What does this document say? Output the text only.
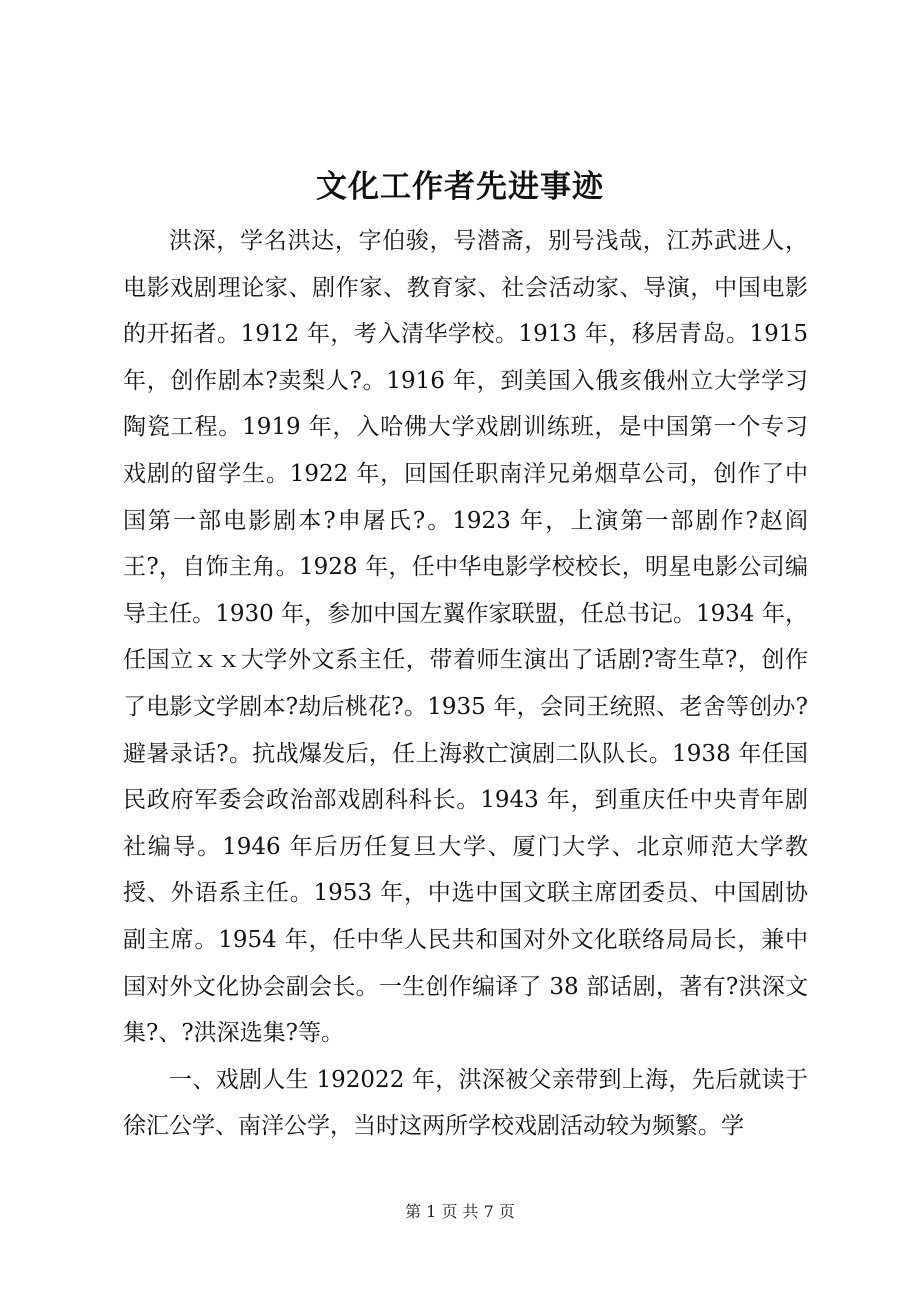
文化工作者先进事迹

洪深，学名洪达，字伯骏，号潜斋，别号浅哉，江苏武进人，电影戏剧理论家、剧作家、教育家、社会活动家、导演，中国电影的开拓者。1912 年，考入清华学校。1913 年，移居青岛。1915 年，创作剧本?卖梨人?。1916 年，到美国入俄亥俄州立大学学习陶瓷工程。1919 年，入哈佛大学戏剧训练班，是中国第一个专习戏剧的留学生。1922 年，回国任职南洋兄弟烟草公司，创作了中国第一部电影剧本?申屠氏?。1923 年，上演第一部剧作?赵阎王?，自饰主角。1928 年，任中华电影学校校长，明星电影公司编导主任。1930 年，参加中国左翼作家联盟，任总书记。1934 年，任国立ｘｘ大学外文系主任，带着师生演出了话剧?寄生草?，创作了电影文学剧本?劫后桃花?。1935 年，会同王统照、老舍等创办?避暑录话?。抗战爆发后，任上海救亡演剧二队队长。1938 年任国民政府军委会政治部戏剧科科长。1943 年，到重庆任中央青年剧社编导。1946 年后历任复旦大学、厦门大学、北京师范大学教授、外语系主任。1953 年，中选中国文联主席团委员、中国剧协副主席。1954 年，任中华人民共和国对外文化联络局局长，兼中国对外文化协会副会长。一生创作编译了 38 部话剧，著有?洪深文集?、?洪深选集?等。

一、戏剧人生 192022 年，洪深被父亲带到上海，先后就读于徐汇公学、南洋公学，当时这两所学校戏剧活动较为频繁。学

第 1 页 共 7 页
